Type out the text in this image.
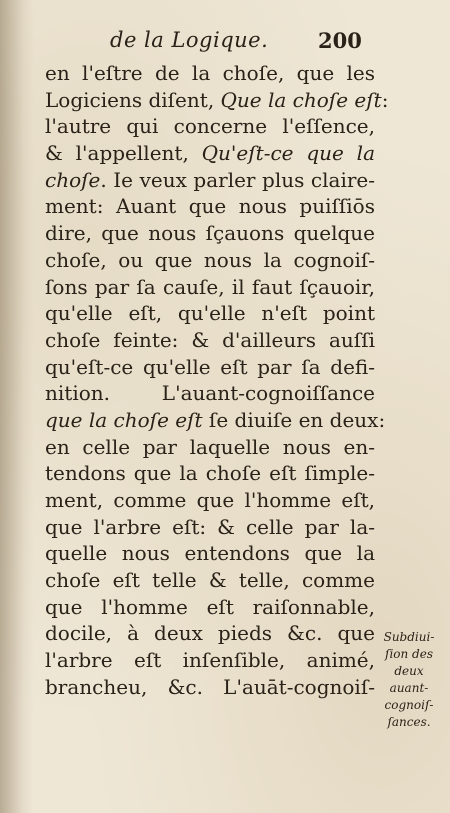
de la Logique. 200
en l'eſtre de la choſe, que les
Logiciens diſent, Que la choſe eſt:
l'autre qui concerne l'eſſence,
& l'appellent, Qu'eſt-ce que la
choſe. Ie veux parler plus claire-
ment: Auant que nous puiſſiōs
dire, que nous ſçauons quelque
choſe, ou que nous la cognoiſ-
ſons par ſa cauſe, il faut ſçauoir,
qu'elle eſt, qu'elle n'eſt point
choſe feinte: & d'ailleurs auſſi
qu'eſt-ce qu'elle eſt par ſa defi-
nition. L'auant-cognoiſſance
que la choſe eſt ſe diuiſe en deux:
en celle par laquelle nous en-
tendons que la choſe eſt ſimple-
ment, comme que l'homme eſt,
que l'arbre eſt: & celle par la-
quelle nous entendons que la
choſe eſt telle & telle, comme
que l'homme eſt raiſonnable,
docile, à deux pieds &c. que
l'arbre eſt inſenſible, animé,
brancheu, &c. L'auāt-cognoiſ-
Subdiui-
ſion des
deux
auant-
cognoiſ-
ſances.
